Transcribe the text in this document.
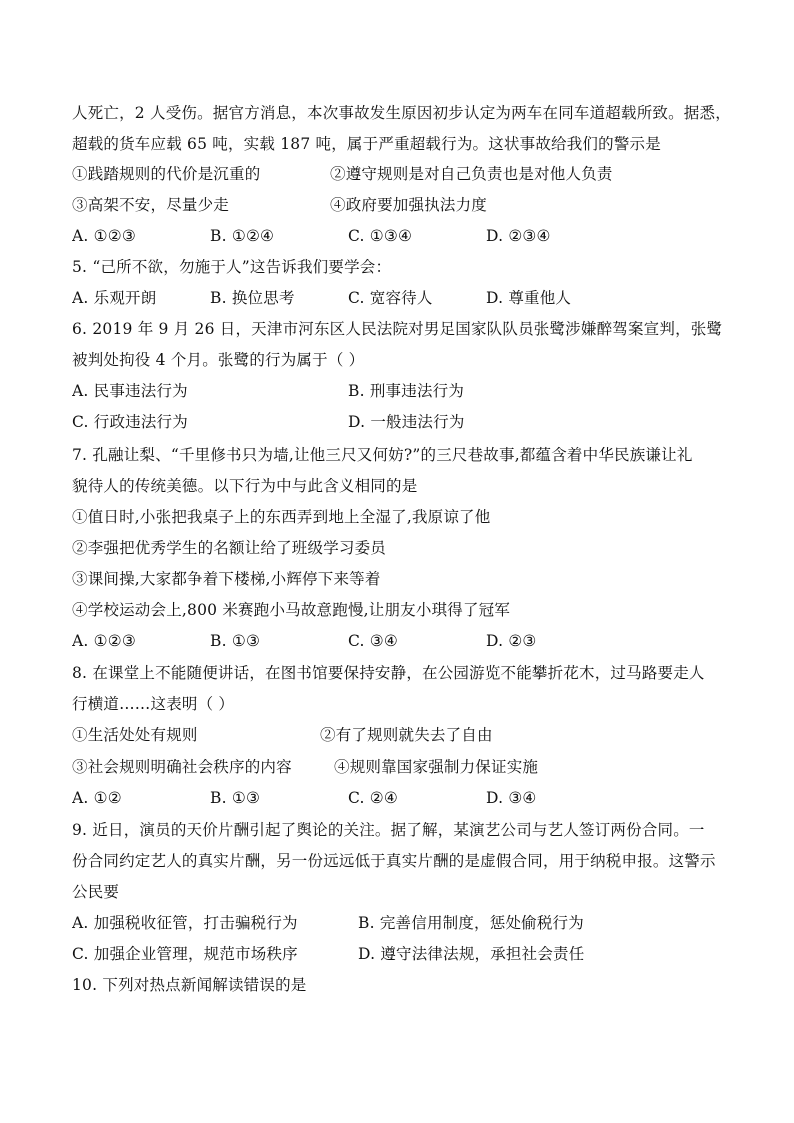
人死亡，2 人受伤。据官方消息，本次事故发生原因初步认定为两车在同车道超载所致。据悉，
超载的货车应载 65 吨，实载 187 吨，属于严重超载行为。这状事故给我们的警示是
①践踏规则的代价是沉重的	②遵守规则是对自己负责也是对他人负责
③高架不安，尽量少走	④政府要加强执法力度
A. ①②③	B. ①②④	C. ①③④	D. ②③④
5. “己所不欲，勿施于人”这告诉我们要学会：
A. 乐观开朗	B. 换位思考	C. 宽容待人	D. 尊重他人
6. 2019 年 9 月 26 日，天津市河东区人民法院对男足国家队队员张鹭涉嫌醉驾案宣判，张鹭
被判处拘役 4 个月。张鹭的行为属于（ ）
A. 民事违法行为	B. 刑事违法行为
C. 行政违法行为	D. 一般违法行为
7. 孔融让梨、“千里修书只为墙,让他三尺又何妨?”的三尺巷故事,都蕴含着中华民族谦让礼
貌待人的传统美德。以下行为中与此含义相同的是
①值日时,小张把我桌子上的东西弄到地上全湿了,我原谅了他
②李强把优秀学生的名额让给了班级学习委员
③课间操,大家都争着下楼梯,小辉停下来等着
④学校运动会上,800 米赛跑小马故意跑慢,让朋友小琪得了冠军
A. ①②③	B. ①③	C. ③④	D. ②③
8. 在课堂上不能随便讲话，在图书馆要保持安静，在公园游览不能攀折花木，过马路要走人
行横道……这表明（ ）
①生活处处有规则	②有了规则就失去了自由
③社会规则明确社会秩序的内容	④规则靠国家强制力保证实施
A. ①②	B. ①③	C. ②④	D. ③④
9. 近日，演员的天价片酬引起了舆论的关注。据了解，某演艺公司与艺人签订两份合同。一
份合同约定艺人的真实片酬，另一份远远低于真实片酬的是虚假合同，用于纳税申报。这警示
公民要
A. 加强税收征管，打击骗税行为	B. 完善信用制度，惩处偷税行为
C. 加强企业管理，规范市场秩序	D. 遵守法律法规，承担社会责任
10. 下列对热点新闻解读错误的是
